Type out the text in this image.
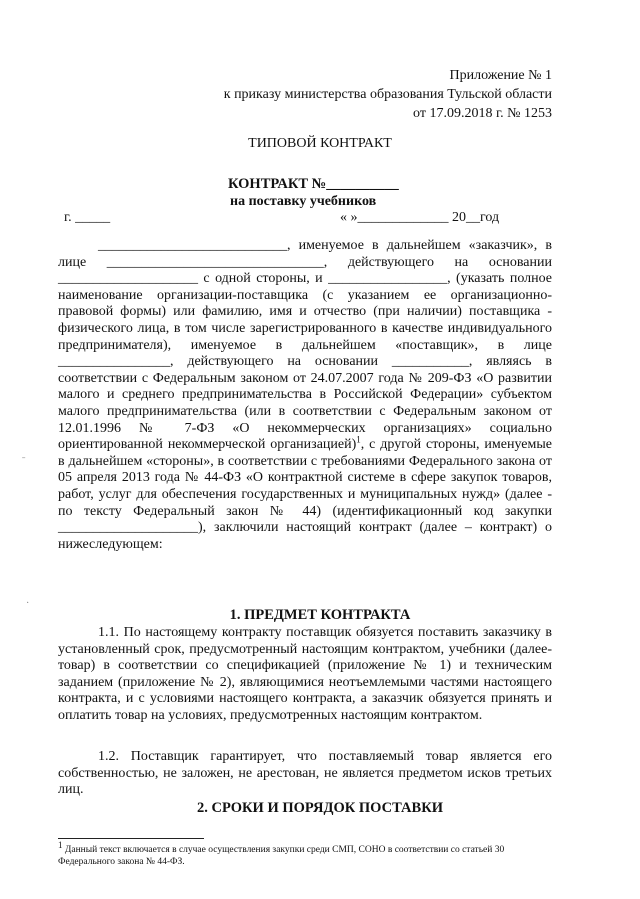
Приложение № 1
к приказу министерства образования Тульской области
от 17.09.2018 г. № 1253
ТИПОВОЙ КОНТРАКТ
КОНТРАКТ №__________
на поставку учебников
г. _____	« »_____________ 20__год

___________________________, именуемое в дальнейшем «заказчик», в лице _______________________________, действующего на основании ____________________ с одной стороны, и _________________, (указать полное наименование организации-поставщика (с указанием ее организационно-правовой формы) или фамилию, имя и отчество (при наличии) поставщика - физического лица, в том числе зарегистрированного в качестве индивидуального предпринимателя), именуемое в дальнейшем «поставщик», в лице ________________, действующего на основании ___________, являясь в соответствии с Федеральным законом от 24.07.2007 года № 209-ФЗ «О развитии малого и среднего предпринимательства в Российской Федерации» субъектом малого предпринимательства (или в соответствии с Федеральным законом от 12.01.1996 № 7-ФЗ «О некоммерческих организациях» социально ориентированной некоммерческой организацией)$^1$, с другой стороны, именуемые в дальнейшем «стороны», в соответствии с требованиями Федерального закона от 05 апреля 2013 года № 44-ФЗ «О контрактной системе в сфере закупок товаров, работ, услуг для обеспечения государственных и муниципальных нужд» (далее - по тексту Федеральный закон № 44) (идентификационный код закупки ____________________), заключили настоящий контракт (далее – контракт) о нижеследующем:

1. ПРЕДМЕТ КОНТРАКТА

1.1. По настоящему контракту поставщик обязуется поставить заказчику в установленный срок, предусмотренный настоящим контрактом, учебники (далее-товар) в соответствии со спецификацией (приложение № 1) и техническим заданием (приложение № 2), являющимися неотъемлемыми частями настоящего контракта, и с условиями настоящего контракта, а заказчик обязуется принять и оплатить товар на условиях, предусмотренных настоящим контрактом.

1.2. Поставщик гарантирует, что поставляемый товар является его собственностью, не заложен, не арестован, не является предметом исков третьих лиц.

2. СРОКИ И ПОРЯДОК ПОСТАВКИ
$^1$ Данный текст включается в случае осуществления закупки среди СМП, СОНО в соответствии со статьей 30 Федерального закона № 44-ФЗ.
˗
·
